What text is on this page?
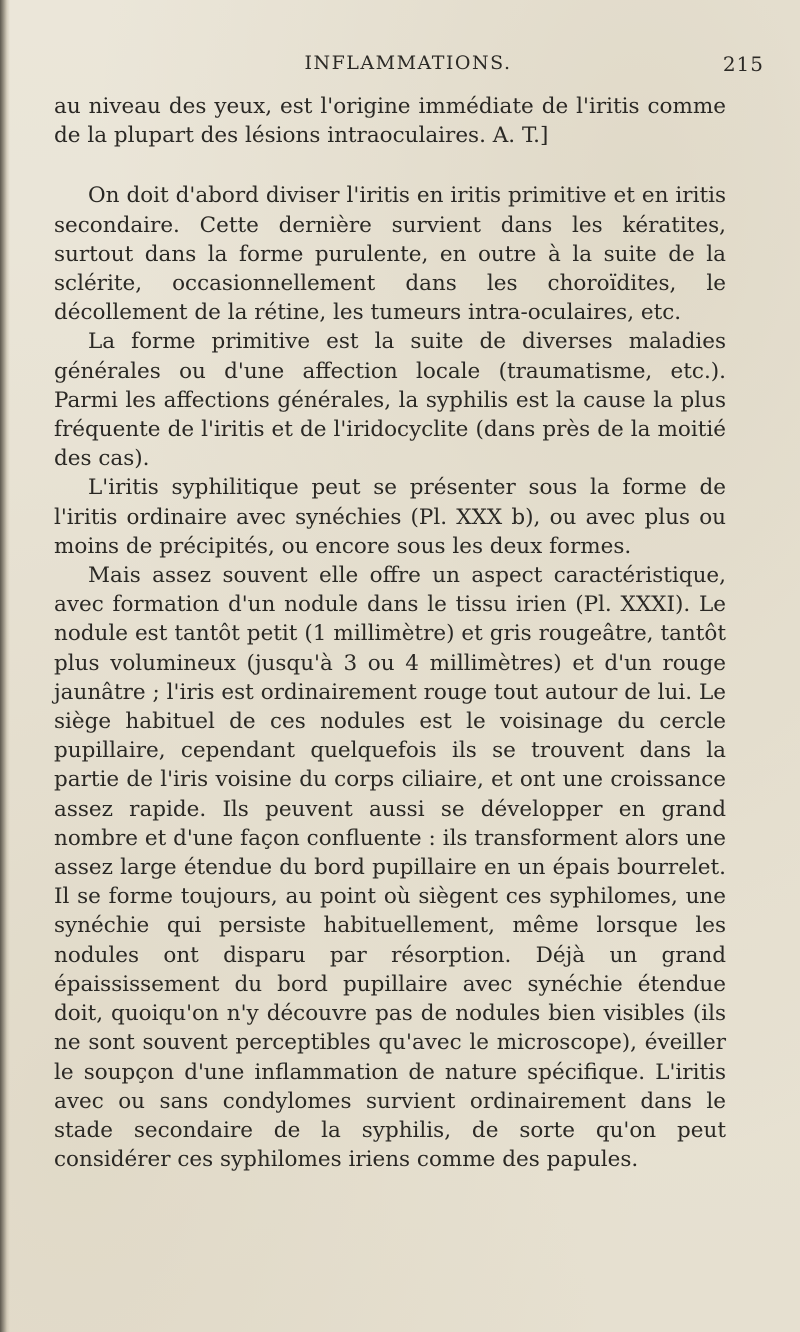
INFLAMMATIONS.	215

au niveau des yeux, est l'origine immédiate de l'iritis comme de la plupart des lésions intraoculaires. A. T.]

On doit d'abord diviser l'iritis en iritis primitive et en iritis secondaire. Cette dernière survient dans les kératites, surtout dans la forme purulente, en outre à la suite de la sclérite, occasionnellement dans les choroïdites, le décollement de la rétine, les tumeurs intra-oculaires, etc.

La forme primitive est la suite de diverses maladies générales ou d'une affection locale (traumatisme, etc.). Parmi les affections générales, la syphilis est la cause la plus fréquente de l'iritis et de l'iridocyclite (dans près de la moitié des cas).

L'iritis syphilitique peut se présenter sous la forme de l'iritis ordinaire avec synéchies (Pl. XXX b), ou avec plus ou moins de précipités, ou encore sous les deux formes.

Mais assez souvent elle offre un aspect caractéristique, avec formation d'un nodule dans le tissu irien (Pl. XXXI). Le nodule est tantôt petit (1 millimètre) et gris rougeâtre, tantôt plus volumineux (jusqu'à 3 ou 4 millimètres) et d'un rouge jaunâtre ; l'iris est ordinairement rouge tout autour de lui. Le siège habituel de ces nodules est le voisinage du cercle pupillaire, cependant quelquefois ils se trouvent dans la partie de l'iris voisine du corps ciliaire, et ont une croissance assez rapide. Ils peuvent aussi se développer en grand nombre et d'une façon confluente : ils transforment alors une assez large étendue du bord pupillaire en un épais bourrelet. Il se forme toujours, au point où siègent ces syphilomes, une synéchie qui persiste habituellement, même lorsque les nodules ont disparu par résorption. Déjà un grand épaississement du bord pupillaire avec synéchie étendue doit, quoiqu'on n'y découvre pas de nodules bien visibles (ils ne sont souvent perceptibles qu'avec le microscope), éveiller le soupçon d'une inflammation de nature spécifique. L'iritis avec ou sans condylomes survient ordinairement dans le stade secondaire de la syphilis, de sorte qu'on peut considérer ces syphilomes iriens comme des papules.
